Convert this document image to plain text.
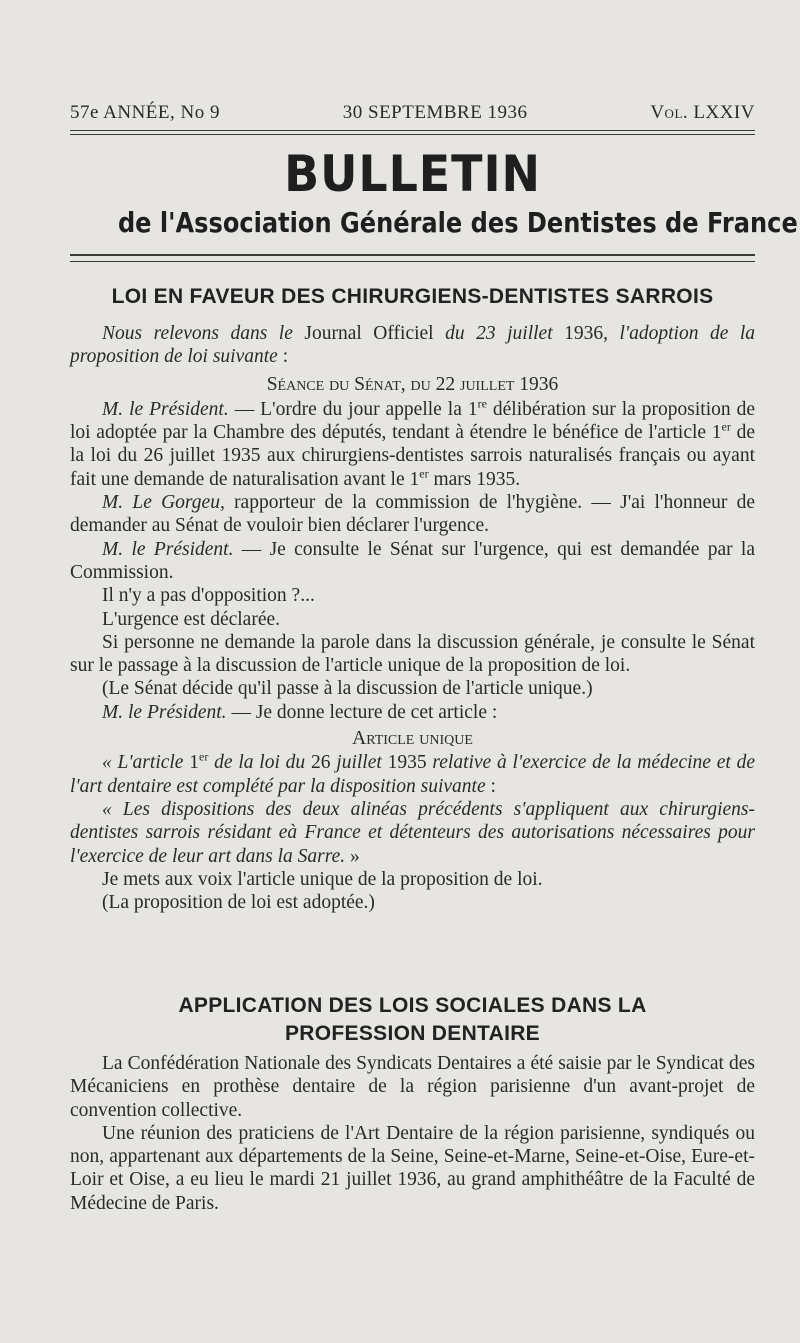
57e ANNÉE, No 9	30 SEPTEMBRE 1936	Vol. LXXIV
BULLETIN
de l'Association Générale des Dentistes de France
LOI EN FAVEUR DES CHIRURGIENS-DENTISTES SARROIS

Nous relevons dans le Journal Officiel du 23 juillet 1936, l'adoption de la proposition de loi suivante :

Séance du Sénat, du 22 juillet 1936

M. le Président. — L'ordre du jour appelle la 1re délibération sur la proposition de loi adoptée par la Chambre des députés, tendant à étendre le bénéfice de l'article 1er de la loi du 26 juillet 1935 aux chirurgiens-dentistes sarrois naturalisés français ou ayant fait une demande de naturalisation avant le 1er mars 1935.

M. Le Gorgeu, rapporteur de la commission de l'hygiène. — J'ai l'honneur de demander au Sénat de vouloir bien déclarer l'urgence.

M. le Président. — Je consulte le Sénat sur l'urgence, qui est demandée par la Commission.

Il n'y a pas d'opposition ?...

L'urgence est déclarée.

Si personne ne demande la parole dans la discussion générale, je consulte le Sénat sur le passage à la discussion de l'article unique de la proposition de loi.

(Le Sénat décide qu'il passe à la discussion de l'article unique.)

M. le Président. — Je donne lecture de cet article :

Article unique

« L'article 1er de la loi du 26 juillet 1935 relative à l'exercice de la médecine et de l'art dentaire est complété par la disposition suivante :

« Les dispositions des deux alinéas précédents s'appliquent aux chirurgiens-dentistes sarrois résidant eà France et détenteurs des autorisations nécessaires pour l'exercice de leur art dans la Sarre. »

Je mets aux voix l'article unique de la proposition de loi.

(La proposition de loi est adoptée.)

APPLICATION DES LOIS SOCIALES DANS LA
PROFESSION DENTAIRE

La Confédération Nationale des Syndicats Dentaires a été saisie par le Syndicat des Mécaniciens en prothèse dentaire de la région parisienne d'un avant-projet de convention collective.

Une réunion des praticiens de l'Art Dentaire de la région parisienne, syndiqués ou non, appartenant aux départements de la Seine, Seine-et-Marne, Seine-et-Oise, Eure-et-Loir et Oise, a eu lieu le mardi 21 juillet 1936, au grand amphithéâtre de la Faculté de Médecine de Paris.
